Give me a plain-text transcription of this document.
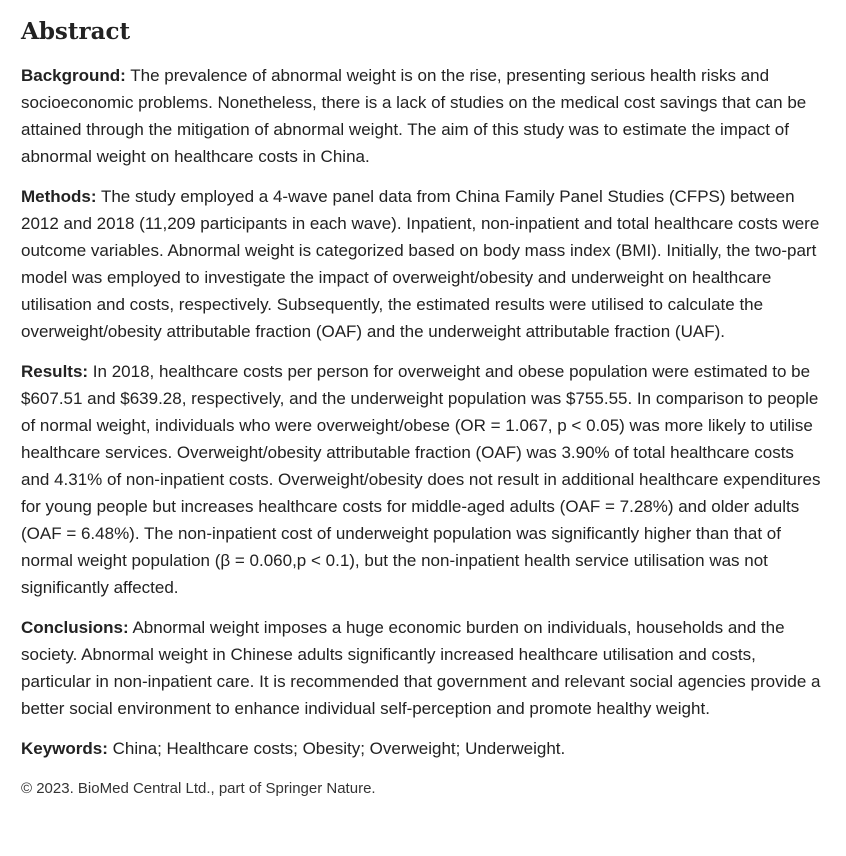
Abstract

Background: The prevalence of abnormal weight is on the rise, presenting serious health risks and socioeconomic problems. Nonetheless, there is a lack of studies on the medical cost savings that can be attained through the mitigation of abnormal weight. The aim of this study was to estimate the impact of abnormal weight on healthcare costs in China.

Methods: The study employed a 4-wave panel data from China Family Panel Studies (CFPS) between 2012 and 2018 (11,209 participants in each wave). Inpatient, non-inpatient and total healthcare costs were outcome variables. Abnormal weight is categorized based on body mass index (BMI). Initially, the two-part model was employed to investigate the impact of overweight/obesity and underweight on healthcare utilisation and costs, respectively. Subsequently, the estimated results were utilised to calculate the overweight/obesity attributable fraction (OAF) and the underweight attributable fraction (UAF).

Results: In 2018, healthcare costs per person for overweight and obese population were estimated to be $607.51 and $639.28, respectively, and the underweight population was $755.55. In comparison to people of normal weight, individuals who were overweight/obese (OR = 1.067, p < 0.05) was more likely to utilise healthcare services. Overweight/obesity attributable fraction (OAF) was 3.90% of total healthcare costs and 4.31% of non-inpatient costs. Overweight/obesity does not result in additional healthcare expenditures for young people but increases healthcare costs for middle-aged adults (OAF = 7.28%) and older adults (OAF = 6.48%). The non-inpatient cost of underweight population was significantly higher than that of normal weight population (β = 0.060,p < 0.1), but the non-inpatient health service utilisation was not significantly affected.

Conclusions: Abnormal weight imposes a huge economic burden on individuals, households and the society. Abnormal weight in Chinese adults significantly increased healthcare utilisation and costs, particular in non-inpatient care. It is recommended that government and relevant social agencies provide a better social environment to enhance individual self-perception and promote healthy weight.

Keywords: China; Healthcare costs; Obesity; Overweight; Underweight.

© 2023. BioMed Central Ltd., part of Springer Nature.
